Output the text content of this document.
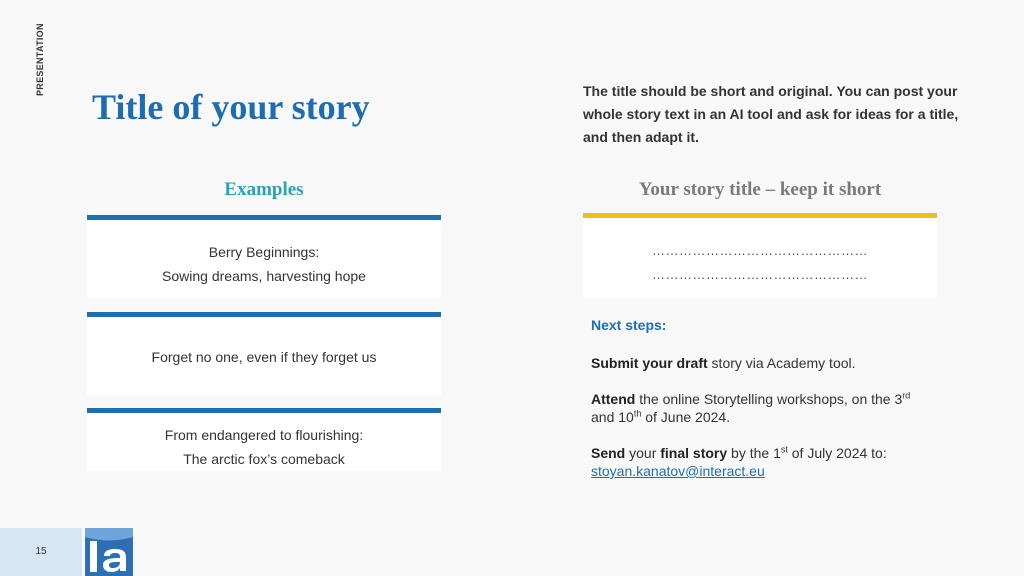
PRESENTATION
Title of your story	The title should be short and original. You can post your whole story text in an AI tool and ask for ideas for a title, and then adapt it.
Examples
Berry Beginnings:
Sowing dreams, harvesting hope
Forget no one, even if they forget us
From endangered to flourishing:
The arctic fox’s comeback
Your story title – keep it short
…………………………………………
…………………………………………
Next steps:
Submit your draft story via Academy tool.
Attend the online Storytelling workshops, on the 3rd and 10th of June 2024.
Send your final story by the 1st of July 2024 to:
stoyan.kanatov@interact.eu
15
